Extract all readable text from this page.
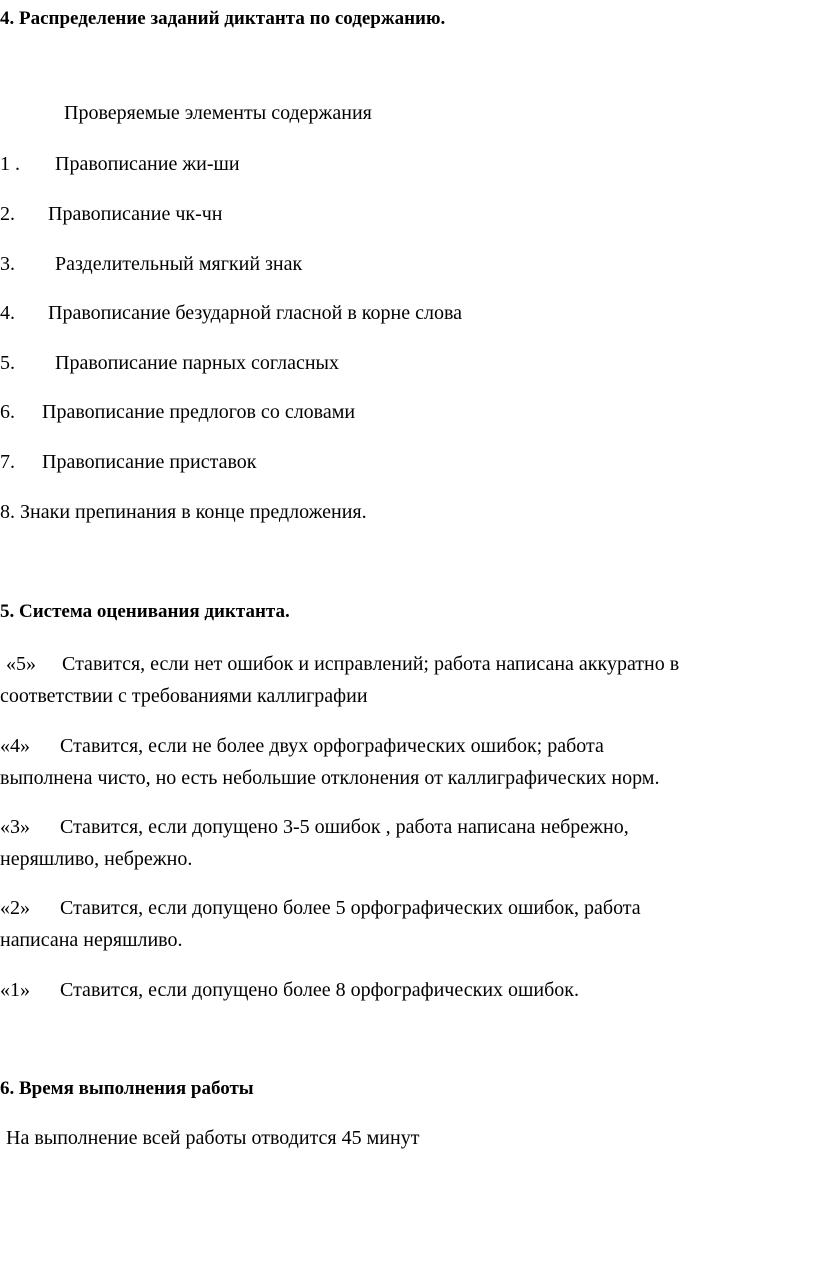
4. Распределение заданий диктанта по содержанию.
Проверяемые элементы содержания
1 . Правописание жи-ши
2. Правописание чк-чн
3. Разделительный мягкий знак
4. Правописание безударной гласной в корне слова
5. Правописание парных согласных
6. Правописание предлогов со словами
7. Правописание приставок
8. Знаки препинания в конце предложения.
5. Система оценивания диктанта.
«5» Ставится, если нет ошибок и исправлений; работа написана аккуратно в
соответствии с требованиями каллиграфии
«4» Ставится, если не более двух орфографических ошибок; работа
выполнена чисто, но есть небольшие отклонения от каллиграфических норм.
«3» Ставится, если допущено 3-5 ошибок , работа написана небрежно,
неряшливо, небрежно.
«2» Ставится, если допущено более 5 орфографических ошибок, работа
написана неряшливо.
«1» Ставится, если допущено более 8 орфографических ошибок.
6. Время выполнения работы
На выполнение всей работы отводится 45 минут
